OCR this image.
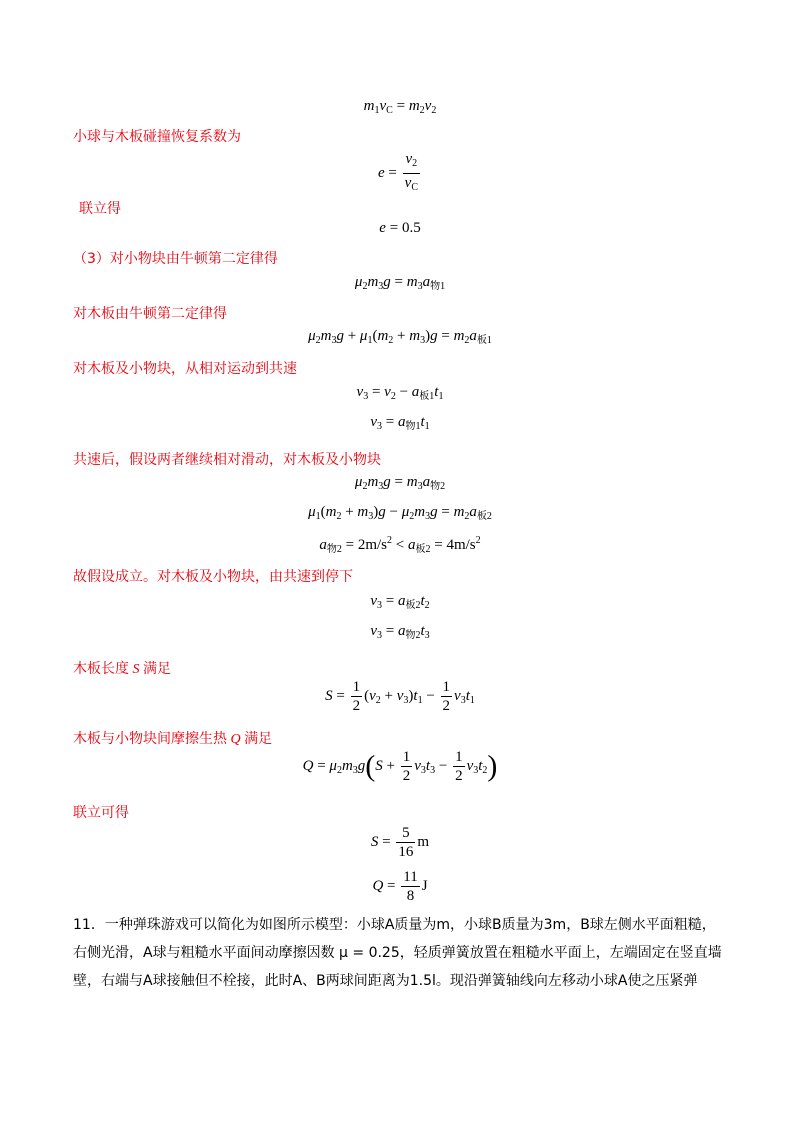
$m_1v_C = m_2v_2$
小球与木板碰撞恢复系数为
$e = \frac{v_2}{v_C}$
联立得
e = 0.5
（3）对小物块由牛顿第二定律得
$\mu_2m_3g = m_3a_{物1}$
对木板由牛顿第二定律得
$\mu_2m_3g + \mu_1(m_2 + m_3)g = m_2a_{板1}$
对木板及小物块，从相对运动到共速
$v_3 = v_2 - a_{板1}t_1$
$v_3 = a_{物1}t_1$
共速后，假设两者继续相对滑动，对木板及小物块
$\mu_2m_3g = m_3a_{物2}$
$\mu_1(m_2 + m_3)g - \mu_2m_3g = m_2a_{板2}$
$a_{物2} = 2m/s^2 < a_{板2} = 4m/s^2$
故假设成立。对木板及小物块，由共速到停下
$v_3 = a_{板2}t_2$
$v_3 = a_{物2}t_3$
木板长度 S 满足
$S = \frac{1}{2} (v_2 + v_3)t_1 - \frac{1}{2} v_3t_1$
木板与小物块间摩擦生热 Q 满足
$Q = \mu_2m_3g(S + \frac{1}{2} v_3t_3 - \frac{1}{2} v_3t_2)$
联立可得
$S = \frac{5}{16}$ m
$Q = \frac{11}{8}$ J
11．一种弹珠游戏可以简化为如图所示模型：小球A质量为m，小球B质量为3m，B球左侧水平面粗糙，
右侧光滑，A球与粗糙水平面间动摩擦因数 μ = 0.25，轻质弹簧放置在粗糙水平面上，左端固定在竖直墙
壁，右端与A球接触但不栓接，此时A、B两球间距离为1.5l。现沿弹簧轴线向左移动小球A使之压紧弹
